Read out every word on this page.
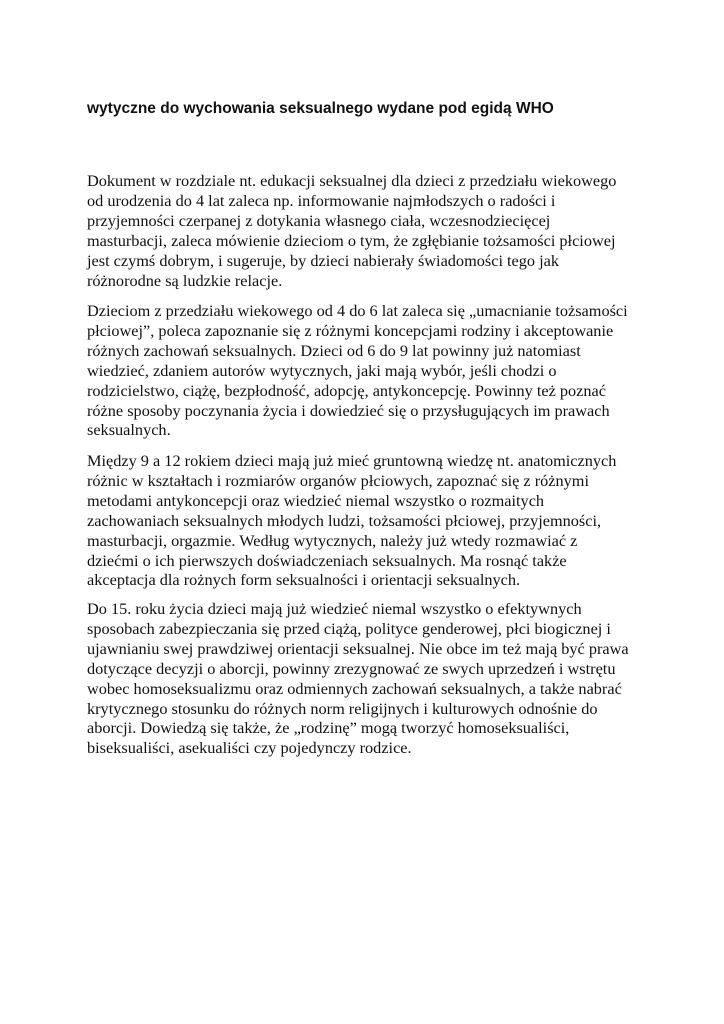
wytyczne do wychowania seksualnego wydane pod egidą WHO

Dokument w rozdziale nt. edukacji seksualnej dla dzieci z przedziału wiekowego
od urodzenia do 4 lat zaleca np. informowanie najmłodszych o radości i
przyjemności czerpanej z dotykania własnego ciała, wczesnodziecięcej
masturbacji, zaleca mówienie dzieciom o tym, że zgłębianie tożsamości płciowej
jest czymś dobrym, i sugeruje, by dzieci nabierały świadomości tego jak
różnorodne są ludzkie relacje.

Dzieciom z przedziału wiekowego od 4 do 6 lat zaleca się „umacnianie tożsamości
płciowej”, poleca zapoznanie się z różnymi koncepcjami rodziny i akceptowanie
różnych zachowań seksualnych. Dzieci od 6 do 9 lat powinny już natomiast
wiedzieć, zdaniem autorów wytycznych, jaki mają wybór, jeśli chodzi o
rodzicielstwo, ciążę, bezpłodność, adopcję, antykoncepcję. Powinny też poznać
różne sposoby poczynania życia i dowiedzieć się o przysługujących im prawach
seksualnych.

Między 9 a 12 rokiem dzieci mają już mieć gruntowną wiedzę nt. anatomicznych
różnic w kształtach i rozmiarów organów płciowych, zapoznać się z różnymi
metodami antykoncepcji oraz wiedzieć niemal wszystko o rozmaitych
zachowaniach seksualnych młodych ludzi, tożsamości płciowej, przyjemności,
masturbacji, orgazmie. Według wytycznych, należy już wtedy rozmawiać z
dziećmi o ich pierwszych doświadczeniach seksualnych. Ma rosnąć także
akceptacja dla rożnych form seksualności i orientacji seksualnych.

Do 15. roku życia dzieci mają już wiedzieć niemal wszystko o efektywnych
sposobach zabezpieczania się przed ciążą, polityce genderowej, płci biogicznej i
ujawnianiu swej prawdziwej orientacji seksualnej. Nie obce im też mają być prawa
dotyczące decyzji o aborcji, powinny zrezygnować ze swych uprzedzeń i wstrętu
wobec homoseksualizmu oraz odmiennych zachowań seksualnych, a także nabrać
krytycznego stosunku do różnych norm religijnych i kulturowych odnośnie do
aborcji. Dowiedzą się także, że „rodzinę” mogą tworzyć homoseksualiści,
biseksualiści, asekualiści czy pojedynczy rodzice.
